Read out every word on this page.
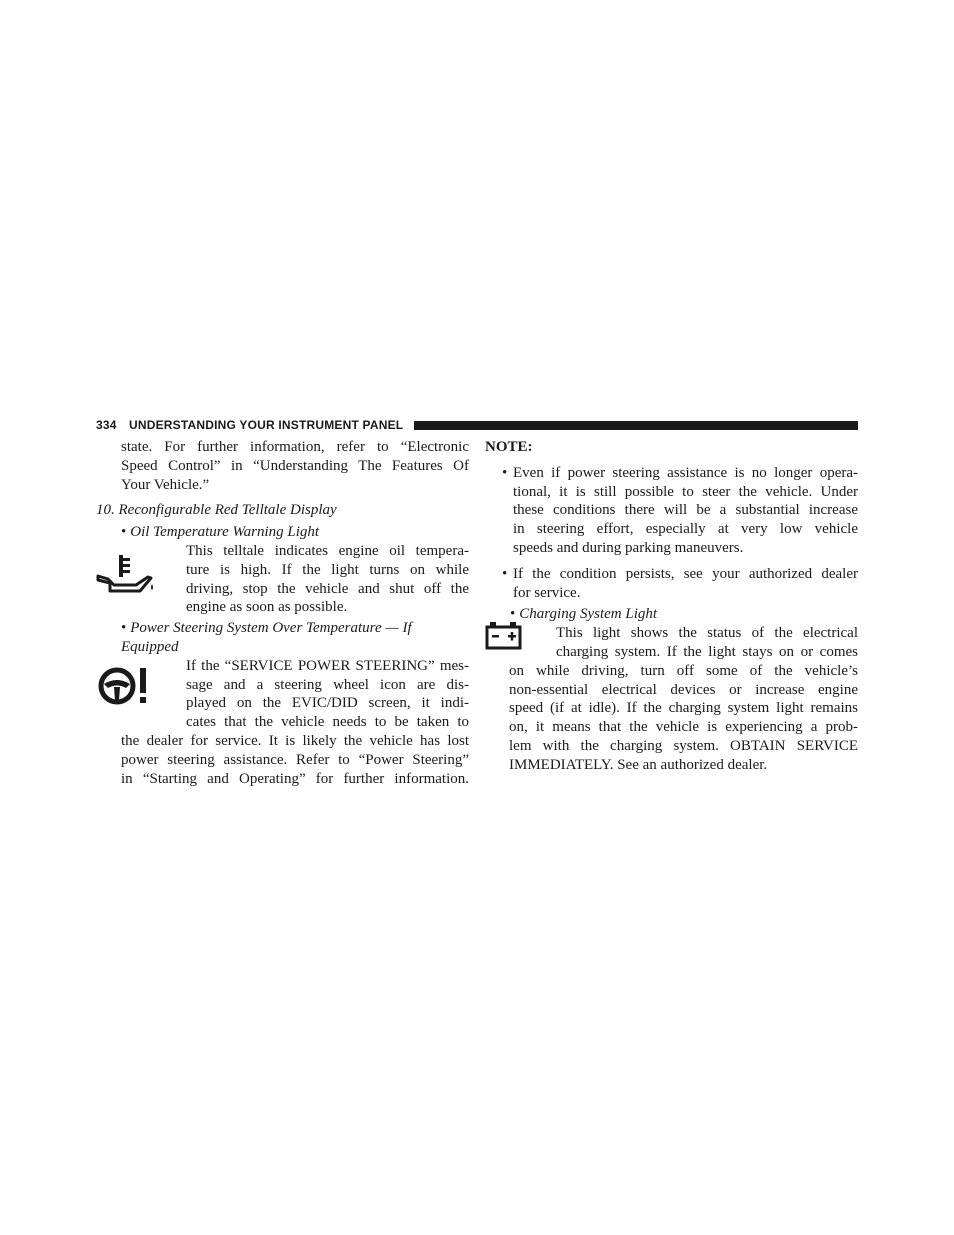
334 UNDERSTANDING YOUR INSTRUMENT PANEL

state. For further information, refer to “Electronic

Speed Control” in “Understanding The Features Of

Your Vehicle.”

10. Reconfigurable Red Telltale Display

• Oil Temperature Warning Light

This telltale indicates engine oil tempera-

ture is high. If the light turns on while

driving, stop the vehicle and shut off the

engine as soon as possible.

• Power Steering System Over Temperature — If

Equipped

If the “SERVICE POWER STEERING” mes-

sage and a steering wheel icon are dis-

played on the EVIC/DID screen, it indi-

cates that the vehicle needs to be taken to

the dealer for service. It is likely the vehicle has lost

power steering assistance. Refer to “Power Steering”

in “Starting and Operating” for further information.

NOTE:

• Even if power steering assistance is no longer opera-

tional, it is still possible to steer the vehicle. Under

these conditions there will be a substantial increase

in steering effort, especially at very low vehicle

speeds and during parking maneuvers.

• If the condition persists, see your authorized dealer

for service.

• Charging System Light

This light shows the status of the electrical

charging system. If the light stays on or comes

on while driving, turn off some of the vehicle’s

non-essential electrical devices or increase engine

speed (if at idle). If the charging system light remains

on, it means that the vehicle is experiencing a prob-

lem with the charging system. OBTAIN SERVICE

IMMEDIATELY. See an authorized dealer.
